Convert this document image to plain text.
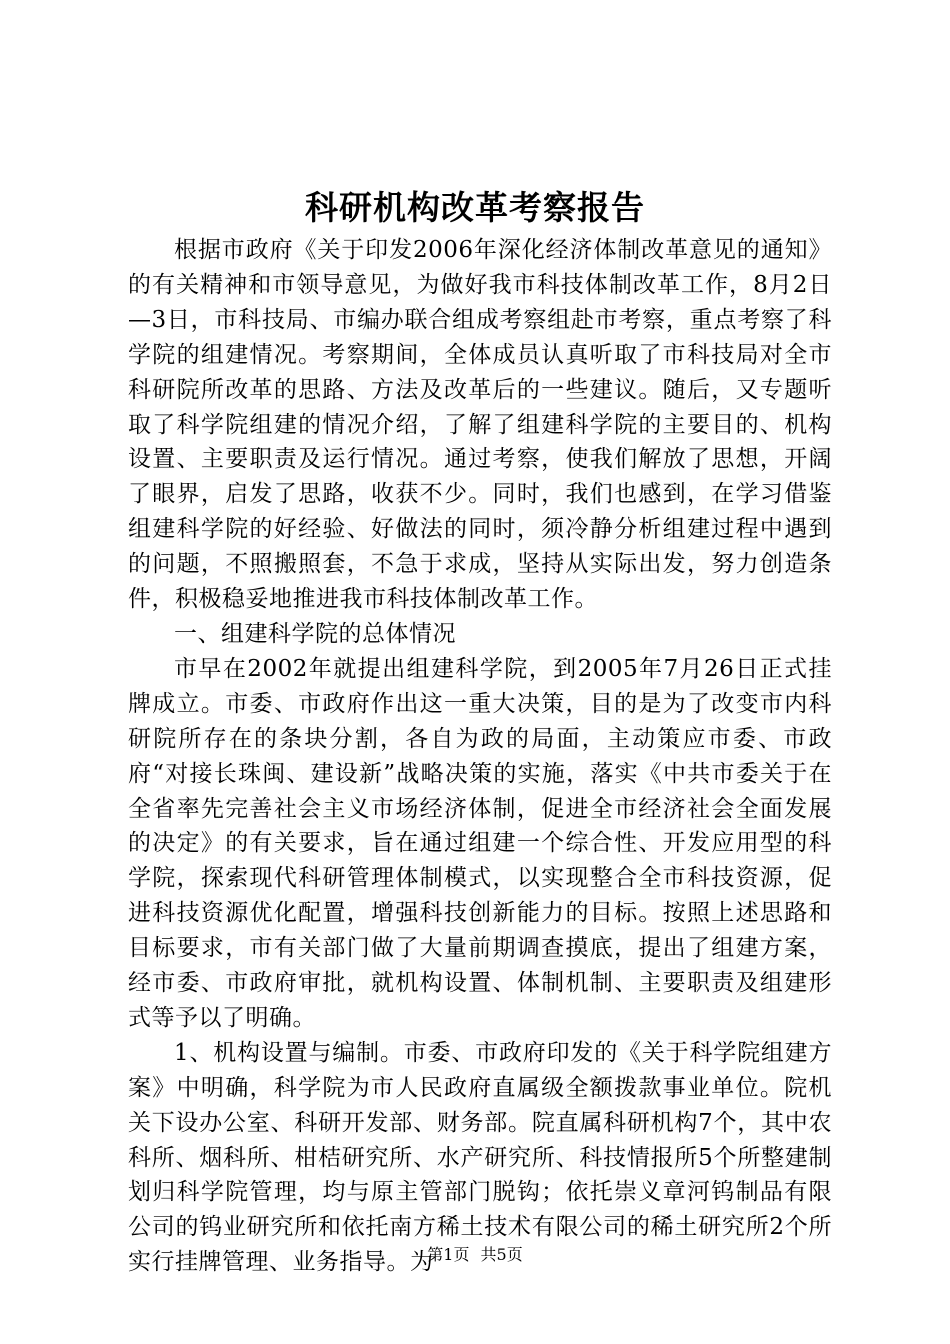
科研机构改革考察报告

根据市政府《关于印发2006年深化经济体制改革意见的通知》的有关精神和市领导意见，为做好我市科技体制改革工作，8月2日—3日，市科技局、市编办联合组成考察组赴市考察，重点考察了科学院的组建情况。考察期间，全体成员认真听取了市科技局对全市科研院所改革的思路、方法及改革后的一些建议。随后，又专题听取了科学院组建的情况介绍，了解了组建科学院的主要目的、机构设置、主要职责及运行情况。通过考察，使我们解放了思想，开阔了眼界，启发了思路，收获不少。同时，我们也感到，在学习借鉴组建科学院的好经验、好做法的同时，须冷静分析组建过程中遇到的问题，不照搬照套，不急于求成，坚持从实际出发，努力创造条件，积极稳妥地推进我市科技体制改革工作。

一、组建科学院的总体情况

市早在2002年就提出组建科学院，到2005年7月26日正式挂牌成立。市委、市政府作出这一重大决策，目的是为了改变市内科研院所存在的条块分割，各自为政的局面，主动策应市委、市政府“对接长珠闽、建设新”战略决策的实施，落实《中共市委关于在全省率先完善社会主义市场经济体制，促进全市经济社会全面发展的决定》的有关要求，旨在通过组建一个综合性、开发应用型的科学院，探索现代科研管理体制模式，以实现整合全市科技资源，促进科技资源优化配置，增强科技创新能力的目标。按照上述思路和目标要求，市有关部门做了大量前期调查摸底，提出了组建方案，经市委、市政府审批，就机构设置、体制机制、主要职责及组建形式等予以了明确。

1、机构设置与编制。市委、市政府印发的《关于科学院组建方案》中明确，科学院为市人民政府直属级全额拨款事业单位。院机关下设办公室、科研开发部、财务部。院直属科研机构7个，其中农科所、烟科所、柑桔研究所、水产研究所、科技情报所5个所整建制划归科学院管理，均与原主管部门脱钩；依托崇义章河钨制品有限公司的钨业研究所和依托南方稀土技术有限公司的稀土研究所2个所实行挂牌管理、业务指导。为

第1页 共5页
